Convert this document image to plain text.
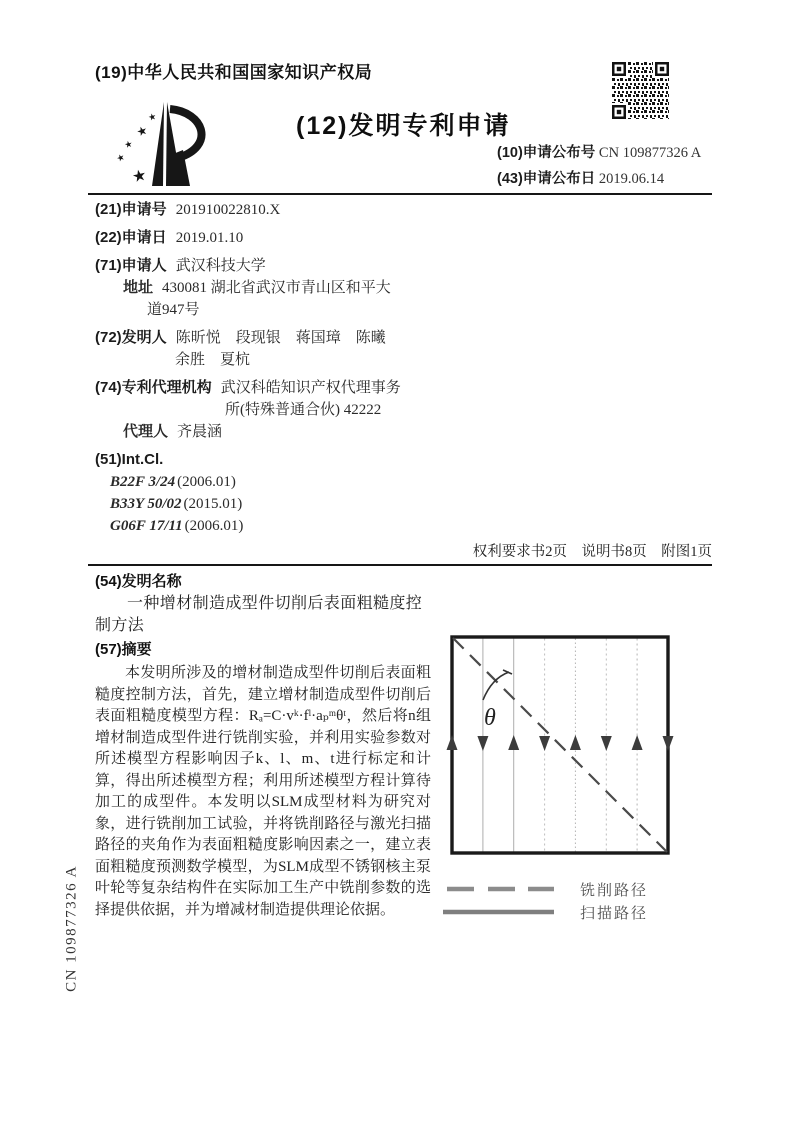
(19)中华人民共和国国家知识产权局
★
★
★
★
★
(12)发明专利申请
(10)申请公布号 CN 109877326 A
(43)申请公布日 2019.06.14
(21)申请号 201910022810.X
(22)申请日 2019.01.10
(71)申请人 武汉科技大学
地址 430081 湖北省武汉市青山区和平大
道947号
(72)发明人 陈昕悦　段现银　蒋国璋　陈曦
余胜　夏杭
(74)专利代理机构 武汉科皓知识产权代理事务
所(特殊普通合伙) 42222
代理人 齐晨涵
(51)Int.Cl.
B22F 3/24 (2006.01)
B33Y 50/02 (2015.01)
G06F 17/11 (2006.01)
权利要求书2页　说明书8页　附图1页
(54)发明名称
一种增材制造成型件切削后表面粗糙度控制方法
(57)摘要
本发明所涉及的增材制造成型件切削后表面粗糙度控制方法，首先，建立增材制造成型件切削后表面粗糙度模型方程：Rₐ=C·vᵏ·fˡ·aₚᵐθᵗ，然后将n组增材制造成型件进行铣削实验，并利用实验参数对所述模型方程影响因子k、l、m、t进行标定和计算，得出所述模型方程；利用所述模型方程计算待加工的成型件。本发明以SLM成型材料为研究对象，进行铣削加工试验，并将铣削路径与激光扫描路径的夹角作为表面粗糙度影响因素之一，建立表面粗糙度预测数学模型，为SLM成型不锈钢核主泵叶轮等复杂结构件在实际加工生产中铣削参数的选择提供依据，并为增减材制造提供理论依据。
θ
铣削路径
扫描路径
CN 109877326 A
